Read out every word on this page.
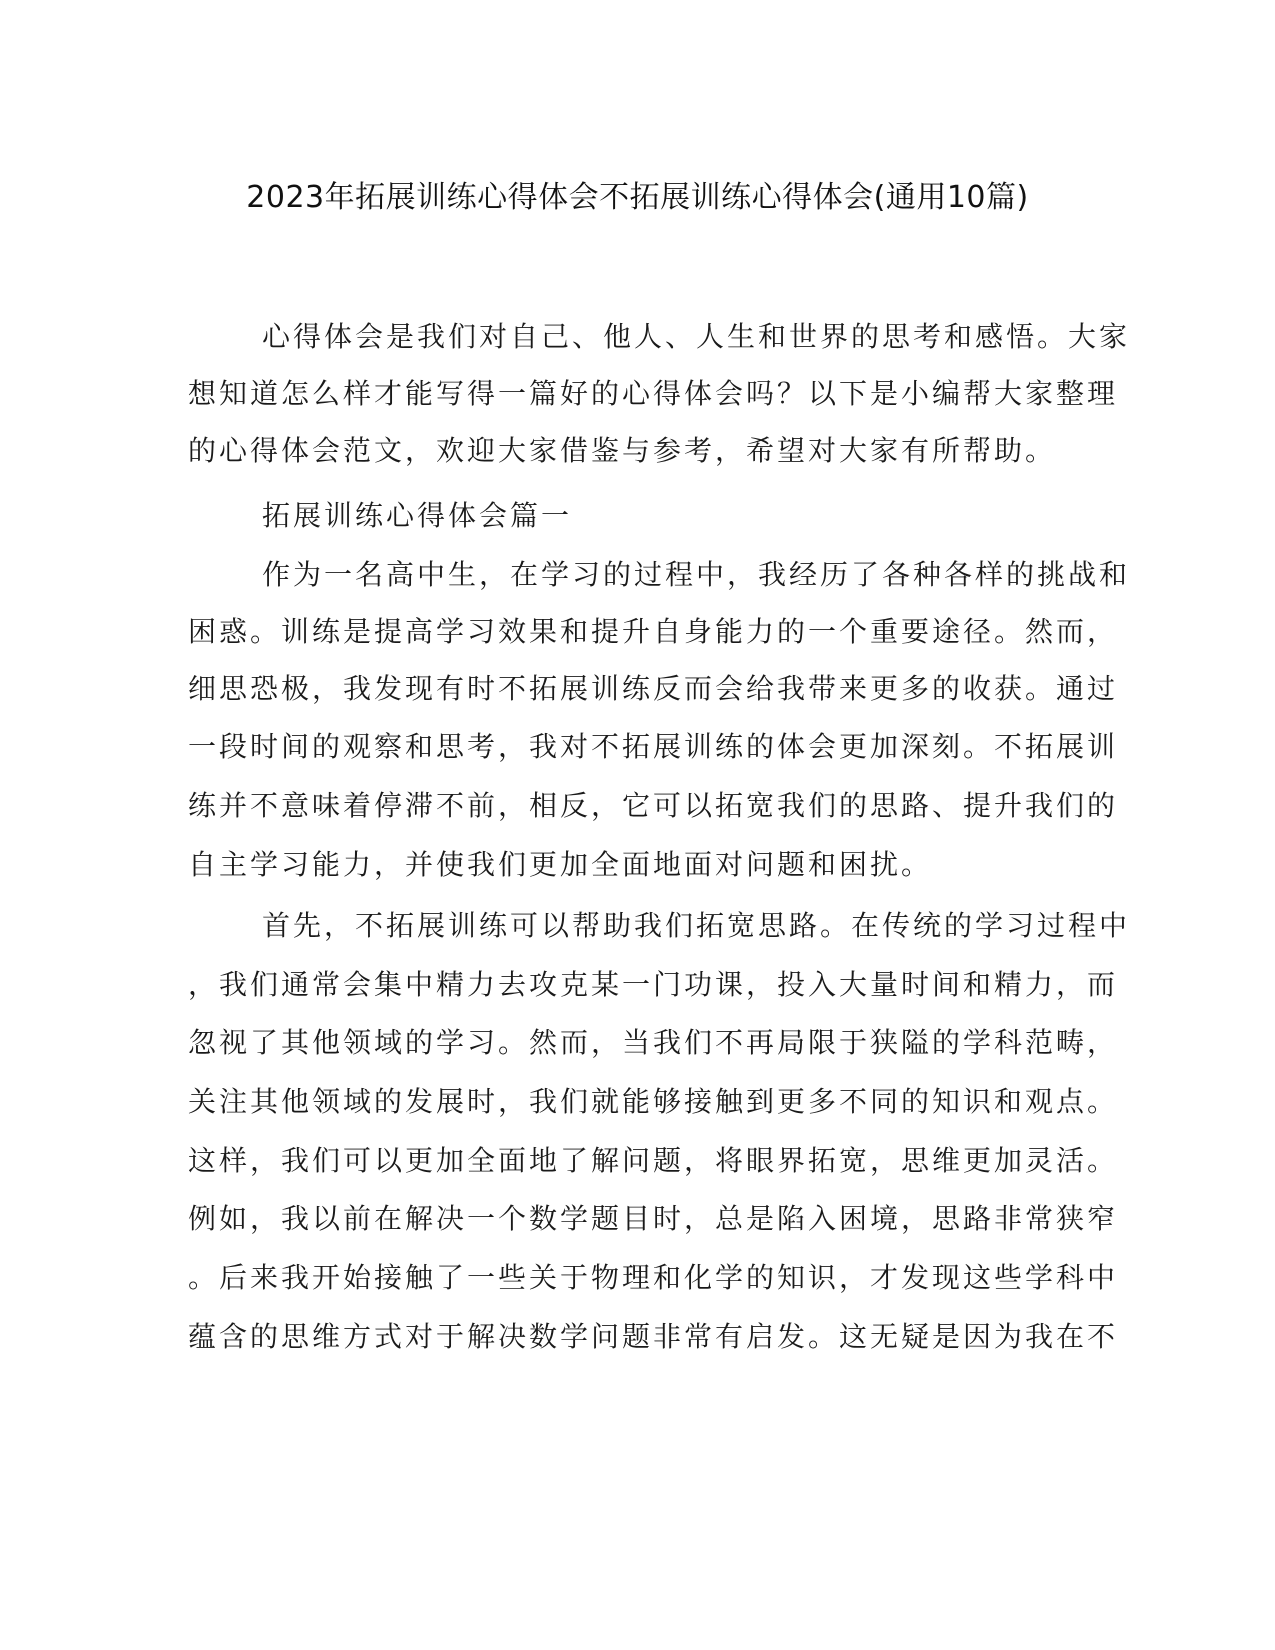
2023年拓展训练心得体会不拓展训练心得体会(通用10篇)
心得体会是我们对自己、他人、人生和世界的思考和感悟。大家
想知道怎么样才能写得一篇好的心得体会吗？以下是小编帮大家整理
的心得体会范文，欢迎大家借鉴与参考，希望对大家有所帮助。
拓展训练心得体会篇一
作为一名高中生，在学习的过程中，我经历了各种各样的挑战和
困惑。训练是提高学习效果和提升自身能力的一个重要途径。然而，
细思恐极，我发现有时不拓展训练反而会给我带来更多的收获。通过
一段时间的观察和思考，我对不拓展训练的体会更加深刻。不拓展训
练并不意味着停滞不前，相反，它可以拓宽我们的思路、提升我们的
自主学习能力，并使我们更加全面地面对问题和困扰。
首先，不拓展训练可以帮助我们拓宽思路。在传统的学习过程中
，我们通常会集中精力去攻克某一门功课，投入大量时间和精力，而
忽视了其他领域的学习。然而，当我们不再局限于狭隘的学科范畴，
关注其他领域的发展时，我们就能够接触到更多不同的知识和观点。
这样，我们可以更加全面地了解问题，将眼界拓宽，思维更加灵活。
例如，我以前在解决一个数学题目时，总是陷入困境，思路非常狭窄
。后来我开始接触了一些关于物理和化学的知识，才发现这些学科中
蕴含的思维方式对于解决数学问题非常有启发。这无疑是因为我在不
